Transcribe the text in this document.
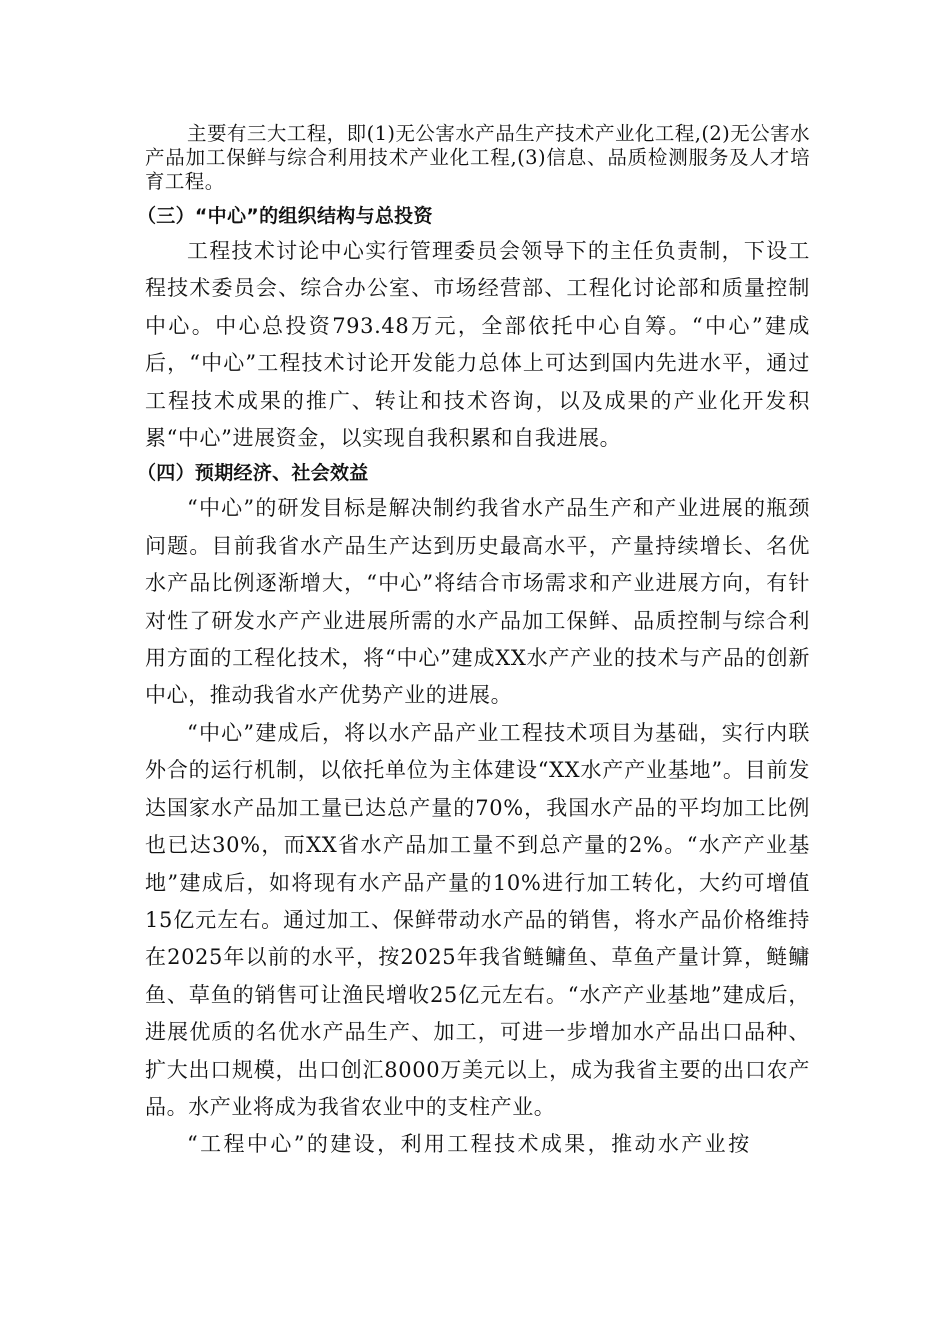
主要有三大工程，即(1)无公害水产品生产技术产业化工程,(2)无公害水产品加工保鲜与综合利用技术产业化工程,(3)信息、品质检测服务及人才培育工程。

（三）“中心”的组织结构与总投资

工程技术讨论中心实行管理委员会领导下的主任负责制，下设工程技术委员会、综合办公室、市场经营部、工程化讨论部和质量控制中心。中心总投资793.48万元，全部依托中心自筹。“中心”建成后，“中心”工程技术讨论开发能力总体上可达到国内先进水平，通过工程技术成果的推广、转让和技术咨询，以及成果的产业化开发积累“中心”进展资金，以实现自我积累和自我进展。

（四）预期经济、社会效益

“中心”的研发目标是解决制约我省水产品生产和产业进展的瓶颈问题。目前我省水产品生产达到历史最高水平，产量持续增长、名优水产品比例逐渐增大，“中心”将结合市场需求和产业进展方向，有针对性了研发水产产业进展所需的水产品加工保鲜、品质控制与综合利用方面的工程化技术，将“中心”建成XX水产产业的技术与产品的创新中心，推动我省水产优势产业的进展。

“中心”建成后，将以水产品产业工程技术项目为基础，实行内联外合的运行机制，以依托单位为主体建设“XX水产产业基地”。目前发达国家水产品加工量已达总产量的70%，我国水产品的平均加工比例也已达30%，而XX省水产品加工量不到总产量的2%。“水产产业基地”建成后，如将现有水产品产量的10%进行加工转化，大约可增值15亿元左右。通过加工、保鲜带动水产品的销售，将水产品价格维持在2025年以前的水平，按2025年我省鲢鳙鱼、草鱼产量计算，鲢鳙鱼、草鱼的销售可让渔民增收25亿元左右。“水产产业基地”建成后，进展优质的名优水产品生产、加工，可进一步增加水产品出口品种、扩大出口规模，出口创汇8000万美元以上，成为我省主要的出口农产品。水产业将成为我省农业中的支柱产业。

“工程中心”的建设，利用工程技术成果，推动水产业按
